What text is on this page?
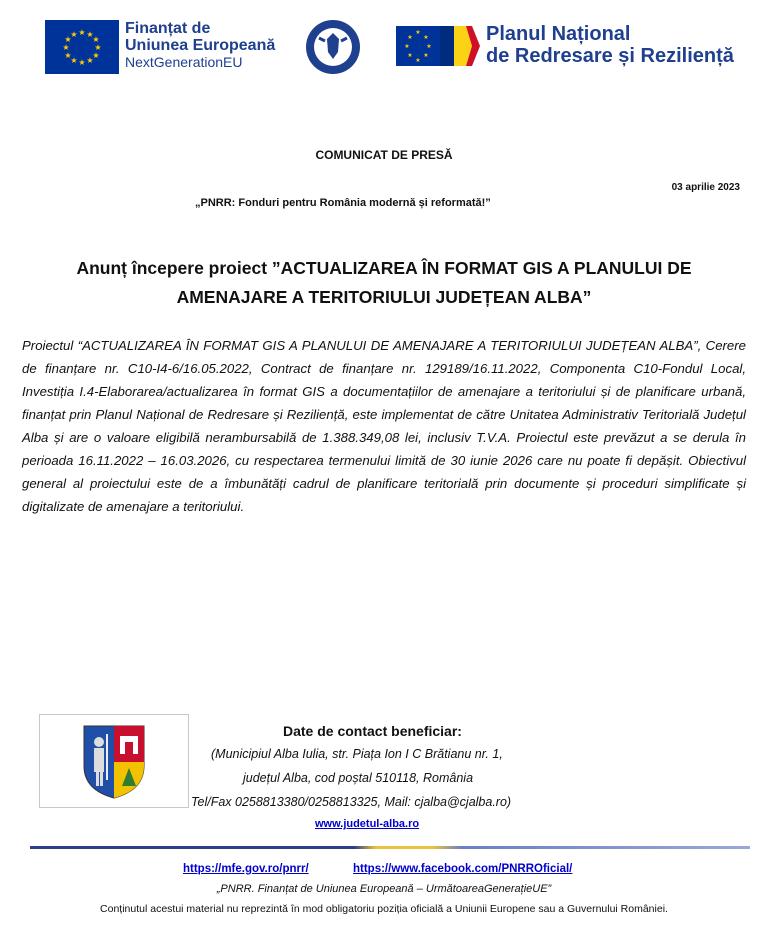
★ ★
★
★
★
★
★
★
★
★
★
★	Finanțat de
Uniunea Europeană
NextGenerationEU
★
★
★
★
★
★
★
★	Planul Național
de Redresare și Reziliență
COMUNICAT DE PRESĂ
03 aprilie 2023
„PNRR: Fonduri pentru România modernă și reformată!”
Anunț începere proiect ”ACTUALIZAREA ÎN FORMAT GIS A PLANULUI DE
AMENAJARE A TERITORIULUI JUDEȚEAN ALBA”
Proiectul “ACTUALIZAREA ÎN FORMAT GIS A PLANULUI DE AMENAJARE A TERITORIULUI JUDEȚEAN ALBA”, Cerere de finanțare nr. C10-I4-6/16.05.2022, Contract de finanțare nr. 129189/16.11.2022, Componenta C10-Fondul Local, Investiția I.4-Elaborarea/actualizarea în format GIS a documentațiilor de amenajare a teritoriului și de planificare urbană, finanțat prin Planul Național de Redresare și Reziliență, este implementat de către Unitatea Administrativ Teritorială Județul Alba și are o valoare eligibilă nerambursabilă de 1.388.349,08 lei, inclusiv T.V.A. Proiectul este prevăzut a se derula în perioada 16.11.2022 – 16.03.2026, cu respectarea termenului limită de 30 iunie 2026 care nu poate fi depășit. Obiectivul general al proiectului este de a îmbunătăți cadrul de planificare teritorială prin documente și proceduri simplificate și digitalizate de amenajare a teritoriului.
Date de contact beneficiar:
(Municipiul Alba Iulia, str. Piața Ion I C Brătianu nr. 1,
județul Alba, cod poștal 510118, România
Tel/Fax 0258813380/0258813325, Mail: cjalba@cjalba.ro)
www.judetul-alba.ro
https://mfe.gov.ro/pnrr/	https://www.facebook.com/PNRROficial/
„PNRR. Finanțat de Uniunea Europeană – UrmătoareaGenerațieUE”
Conținutul acestui material nu reprezintă în mod obligatoriu poziția oficială a Uniunii Europene sau a Guvernului României.
